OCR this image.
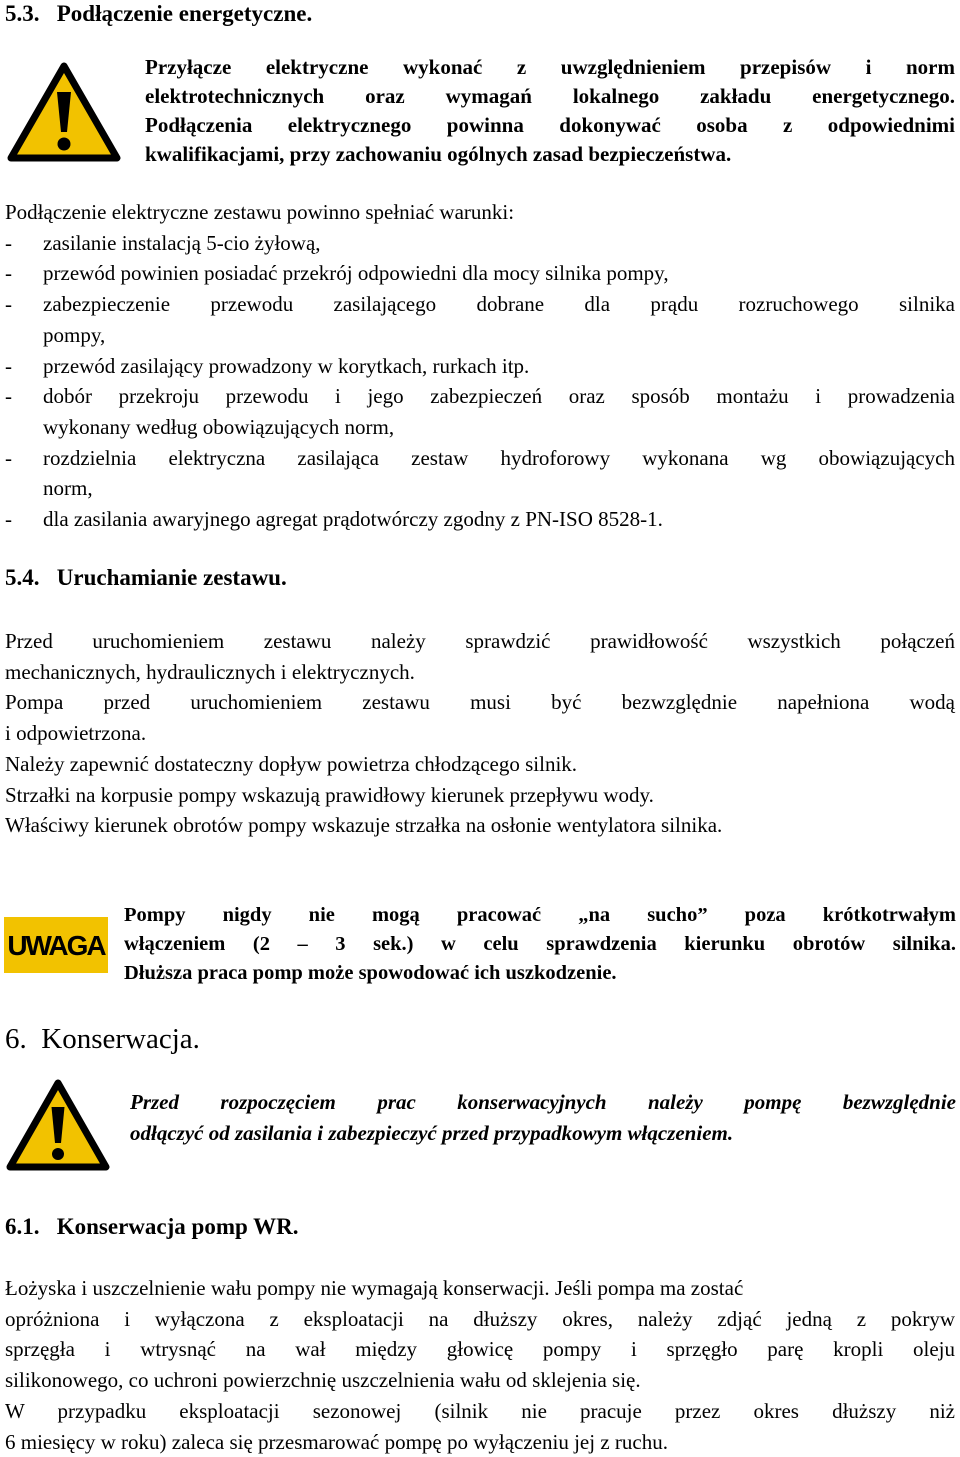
5.3.   Podłączenie energetyczne.
Przyłącze elektryczne wykonać z uwzględnieniem przepisów i norm
elektrotechnicznych oraz wymagań lokalnego zakładu energetycznego.
Podłączenia elektrycznego powinna dokonywać osoba z odpowiednimi
kwalifikacjami, przy zachowaniu ogólnych zasad bezpieczeństwa.
Podłączenie elektryczne zestawu powinno spełniać warunki:
- zasilanie instalacją 5-cio żyłową,
- przewód powinien posiadać przekrój odpowiedni dla mocy silnika pompy,
- zabezpieczenie przewodu zasilającego dobrane dla prądu rozruchowego silnika
pompy,
- przewód zasilający prowadzony w korytkach, rurkach itp.
- dobór przekroju przewodu i jego zabezpieczeń oraz sposób montażu i prowadzenia
wykonany według obowiązujących norm,
- rozdzielnia elektryczna zasilająca zestaw hydroforowy wykonana wg obowiązujących
norm,
- dla zasilania awaryjnego agregat prądotwórczy zgodny z PN-ISO 8528-1.
5.4.   Uruchamianie zestawu.
Przed uruchomieniem zestawu należy sprawdzić prawidłowość wszystkich połączeń
mechanicznych, hydraulicznych i elektrycznych.
Pompa przed uruchomieniem zestawu musi być bezwzględnie napełniona wodą
i odpowietrzona.
Należy zapewnić dostateczny dopływ powietrza chłodzącego silnik.
Strzałki na korpusie pompy wskazują prawidłowy kierunek przepływu wody.
Właściwy kierunek obrotów pompy wskazuje strzałka na osłonie wentylatora silnika.
UWAGA
Pompy nigdy nie mogą pracować „na sucho” poza krótkotrwałym
włączeniem (2 – 3 sek.) w celu sprawdzenia kierunku obrotów silnika.
Dłuższa praca pomp może spowodować ich uszkodzenie.
6.  Konserwacja.
Przed rozpoczęciem prac konserwacyjnych należy pompę bezwzględnie
odłączyć od zasilania i zabezpieczyć przed przypadkowym włączeniem.
6.1.   Konserwacja pomp WR.
Łożyska i uszczelnienie wału pompy nie wymagają konserwacji. Jeśli pompa ma zostać
opróżniona i wyłączona z eksploatacji na dłuższy okres, należy zdjąć jedną z pokryw
sprzęgła i wtrysnąć na wał między głowicę pompy i sprzęgło parę kropli oleju
silikonowego, co uchroni powierzchnię uszczelnienia wału od sklejenia się.
W przypadku eksploatacji sezonowej (silnik nie pracuje przez okres dłuższy niż
6 miesięcy w roku) zaleca się przesmarować pompę po wyłączeniu jej z ruchu.
